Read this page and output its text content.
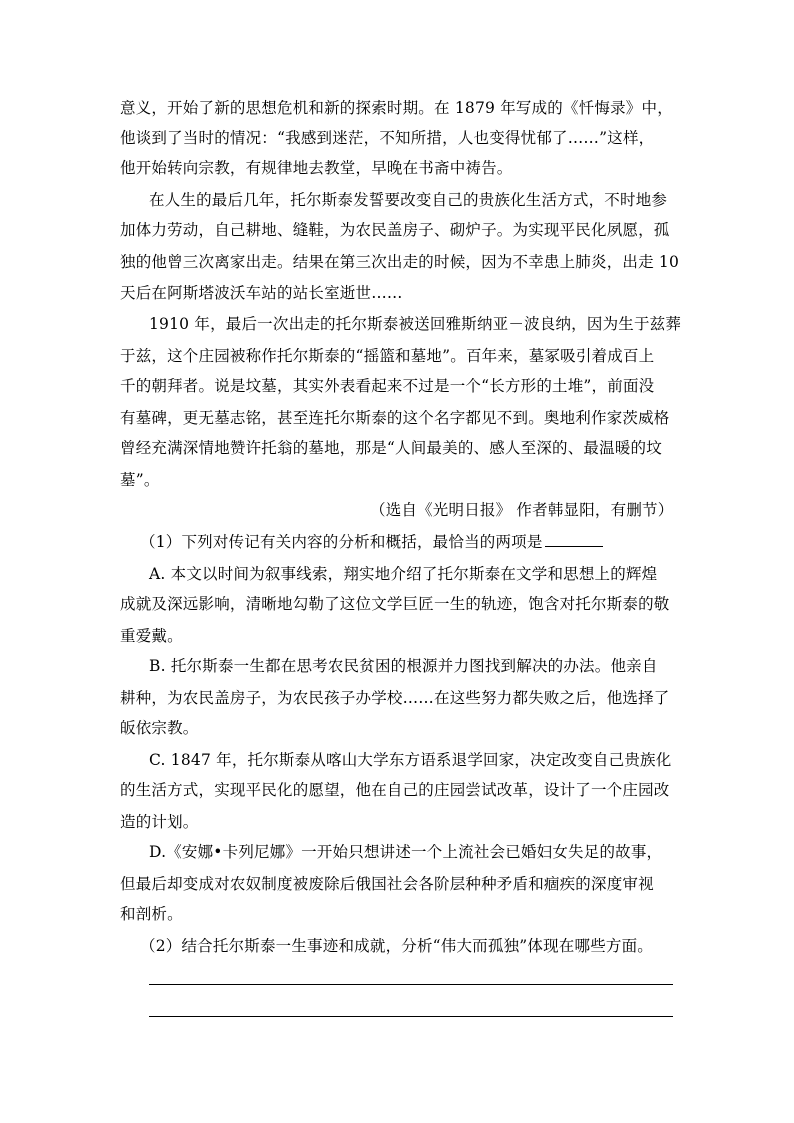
意义，开始了新的思想危机和新的探索时期。在 1879 年写成的《忏悔录》中，
他谈到了当时的情况：“我感到迷茫，不知所措，人也变得忧郁了……”这样，
他开始转向宗教，有规律地去教堂，早晚在书斋中祷告。
在人生的最后几年，托尔斯泰发誓要改变自己的贵族化生活方式，不时地参
加体力劳动，自己耕地、缝鞋，为农民盖房子、砌炉子。为实现平民化夙愿，孤
独的他曾三次离家出走。结果在第三次出走的时候，因为不幸患上肺炎，出走 10
天后在阿斯塔波沃车站的站长室逝世……
1910 年，最后一次出走的托尔斯泰被送回雅斯纳亚－波良纳，因为生于兹葬
于兹，这个庄园被称作托尔斯泰的“摇篮和墓地”。百年来，墓冢吸引着成百上
千的朝拜者。说是坟墓，其实外表看起来不过是一个“长方形的土堆”，前面没
有墓碑，更无墓志铭，甚至连托尔斯泰的这个名字都见不到。奥地利作家茨威格
曾经充满深情地赞许托翁的墓地，那是“人间最美的、感人至深的、最温暖的坟
墓”。
（选自《光明日报》 作者韩显阳，有删节）
（1）下列对传记有关内容的分析和概括，最恰当的两项是
A. 本文以时间为叙事线索，翔实地介绍了托尔斯泰在文学和思想上的辉煌
成就及深远影响，清晰地勾勒了这位文学巨匠一生的轨迹，饱含对托尔斯泰的敬
重爱戴。
B. 托尔斯泰一生都在思考农民贫困的根源并力图找到解决的办法。他亲自
耕种，为农民盖房子，为农民孩子办学校……在这些努力都失败之后，他选择了
皈依宗教。
C. 1847 年，托尔斯泰从喀山大学东方语系退学回家，决定改变自己贵族化
的生活方式，实现平民化的愿望，他在自己的庄园尝试改革，设计了一个庄园改
造的计划。
D.《安娜•卡列尼娜》一开始只想讲述一个上流社会已婚妇女失足的故事，
但最后却变成对农奴制度被废除后俄国社会各阶层种种矛盾和痼疾的深度审视
和剖析。
（2）结合托尔斯泰一生事迹和成就，分析“伟大而孤独”体现在哪些方面。
